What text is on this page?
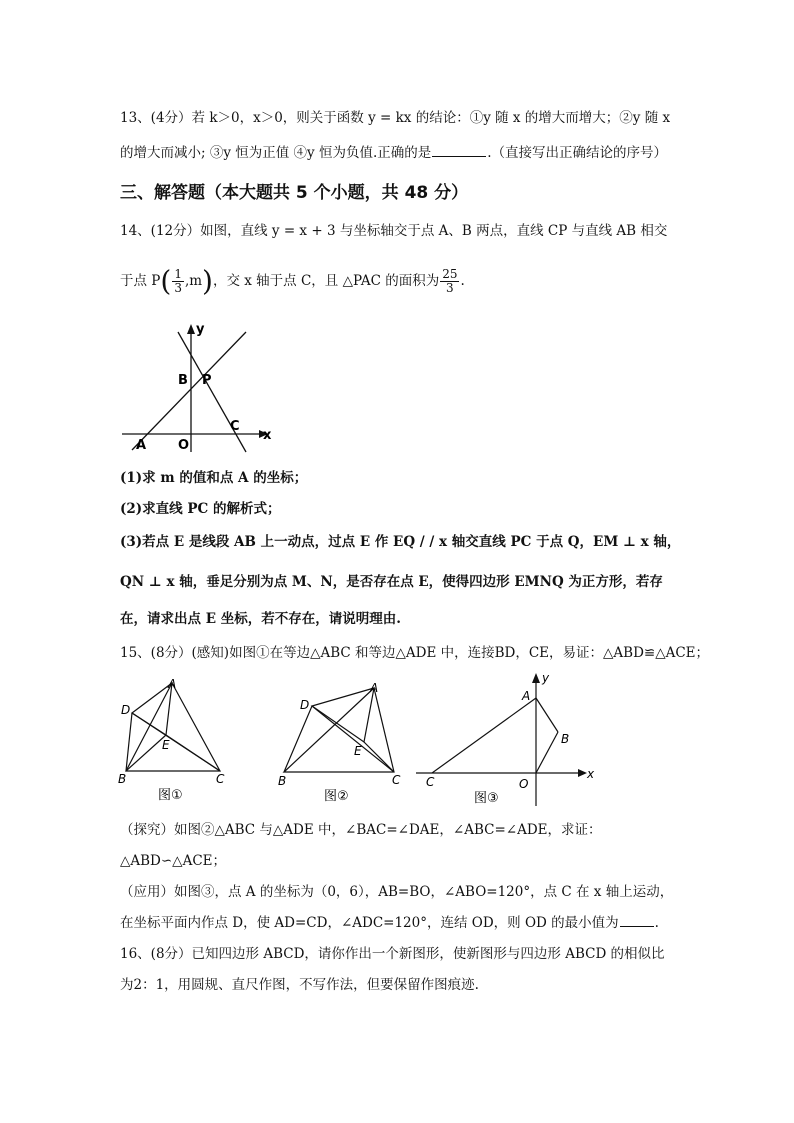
13、(4分）若 k＞0，x＞0，则关于函数 y = kx 的结论：①y 随 x 的增大而增大；②y 随 x
的增大而减小; ③y 恒为正值 ④y 恒为负值.正确的是	.（直接写出正确结论的序号）
三、解答题（本大题共 5 个小题，共 48 分）
14、(12分）如图，直线 y = x + 3 与坐标轴交于点 A、B 两点，直线 CP 与直线 AB 相交
于点 $P( \frac{1}{3} ,m)$，交 x 轴于点 C，且 △PAC 的面积为 $\frac{25}{3}$ .
y
x
A O
B P
C
(1)求 m 的值和点 A 的坐标；
(2)求直线 PC 的解析式；
(3)若点 E 是线段 AB 上一动点，过点 E 作 EQ / / x 轴交直线 PC 于点 Q，EM ⊥ x 轴，
QN ⊥ x 轴，垂足分别为点 M、N，是否存在点 E，使得四边形 EMNQ 为正方形，若存
在，请求出点 E 坐标，若不存在，请说明理由.
15、(8分）(感知)如图①在等边△ABC 和等边△ADE 中，连接BD，CE，易证：△ABD≌△ACE；
A
D
E
B	C
图①
A
D
E
B	C
图②
y
A
B
C	O
x
图③
（探究）如图②△ABC 与△ADE 中，∠BAC=∠DAE，∠ABC=∠ADE，求证：
△ABD∽△ACE；
（应用）如图③，点 A 的坐标为（0，6），AB=BO，∠ABO=120°，点 C 在 x 轴上运动，
在坐标平面内作点 D，使 AD=CD，∠ADC=120°，连结 OD，则 OD 的最小值为	.
16、(8分）已知四边形 ABCD，请你作出一个新图形，使新图形与四边形 ABCD 的相似比
为2：1，用圆规、直尺作图，不写作法，但要保留作图痕迹.
